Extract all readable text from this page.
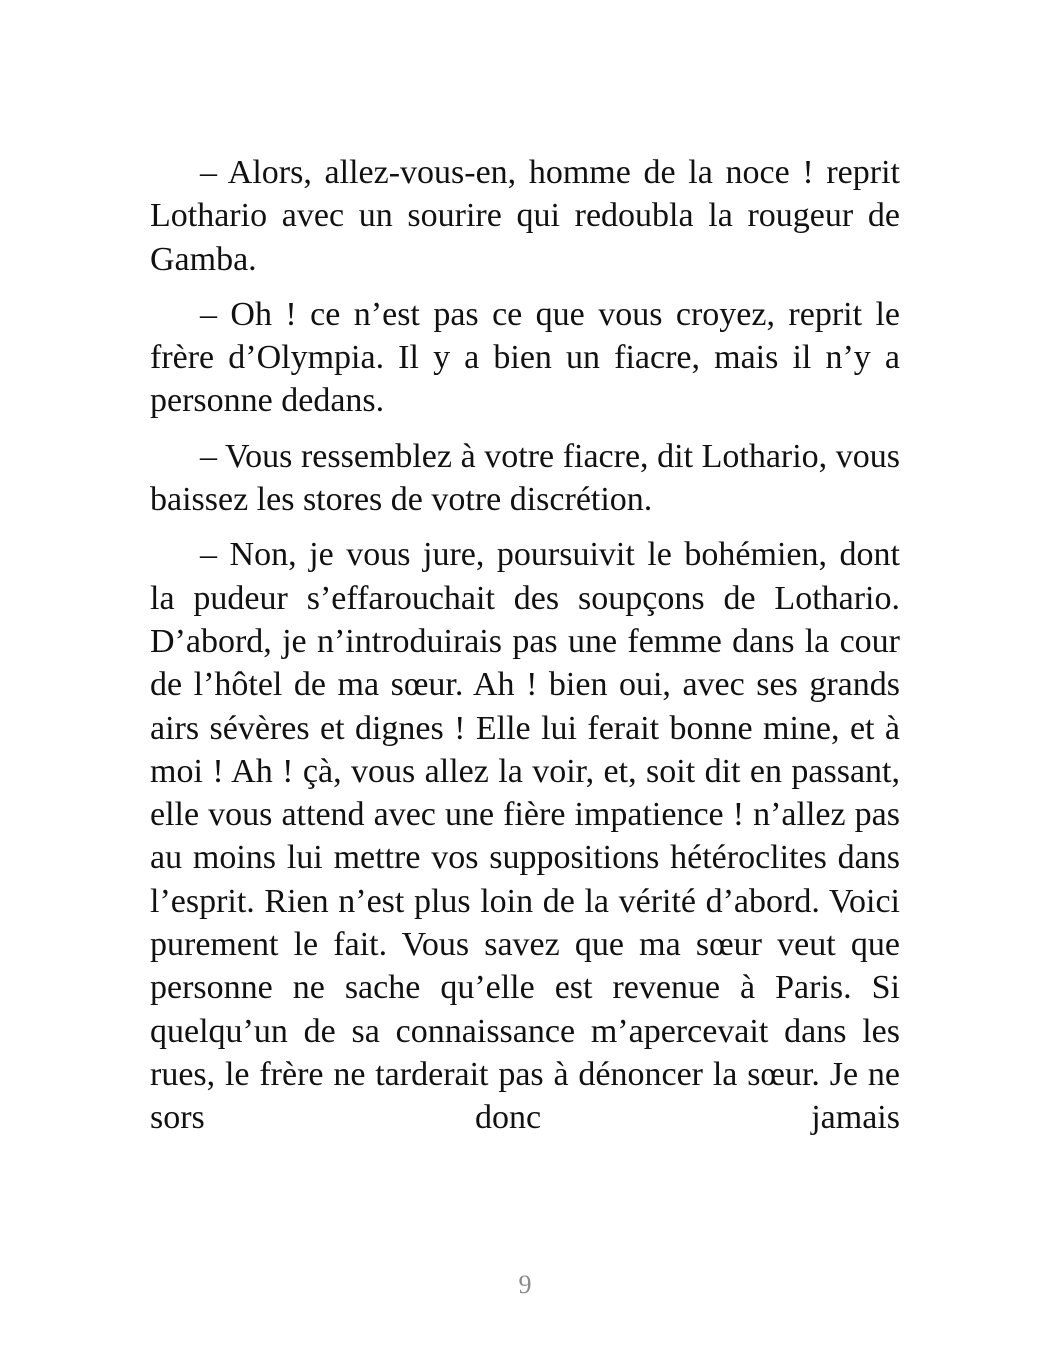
– Alors, allez-vous-en, homme de la noce ! reprit Lothario avec un sourire qui redoubla la rougeur de Gamba.

– Oh ! ce n’est pas ce que vous croyez, reprit le frère d’Olympia. Il y a bien un fiacre, mais il n’y a personne dedans.

– Vous ressemblez à votre fiacre, dit Lothario, vous baissez les stores de votre discrétion.

– Non, je vous jure, poursuivit le bohémien, dont la pudeur s’effarouchait des soupçons de Lothario. D’abord, je n’introduirais pas une femme dans la cour de l’hôtel de ma sœur. Ah ! bien oui, avec ses grands airs sévères et dignes ! Elle lui ferait bonne mine, et à moi ! Ah ! çà, vous allez la voir, et, soit dit en passant, elle vous attend avec une fière impatience ! n’allez pas au moins lui mettre vos suppositions hétéroclites dans l’esprit. Rien n’est plus loin de la vérité d’abord. Voici purement le fait. Vous savez que ma sœur veut que personne ne sache qu’elle est revenue à Paris. Si quelqu’un de sa connaissance m’apercevait dans les rues, le frère ne tarderait pas à dénoncer la sœur. Je ne sors donc jamais

9
